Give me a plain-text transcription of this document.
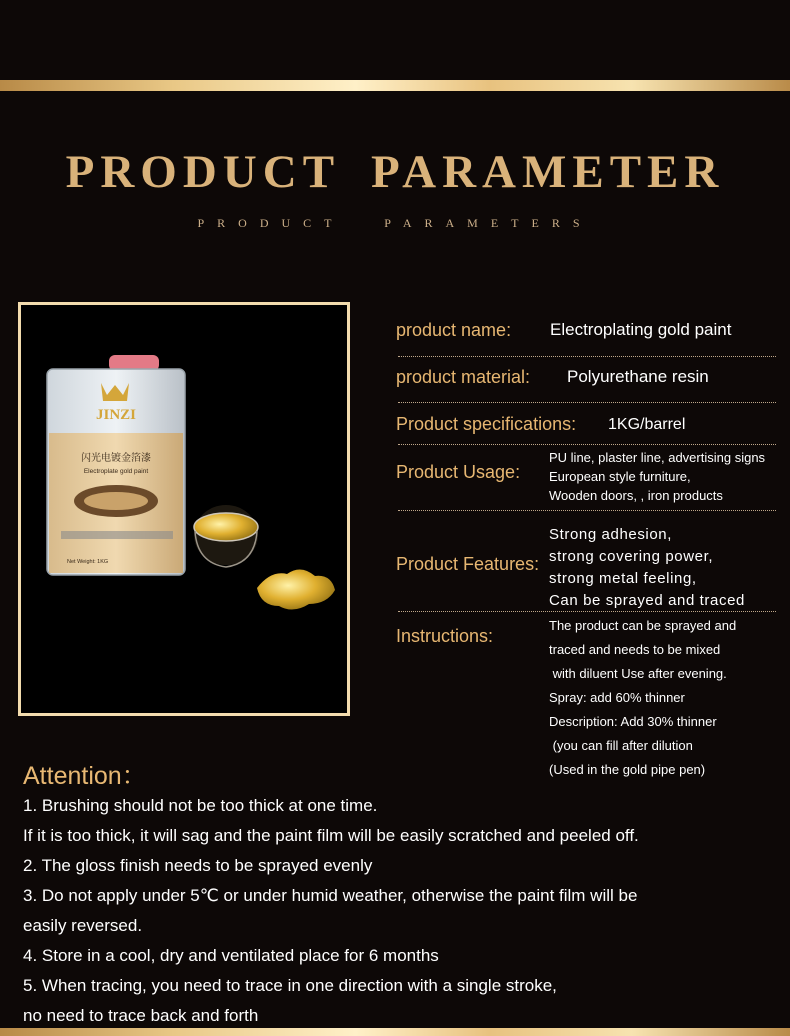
PRODUCT PARAMETER
PRODUCT PARAMETERS
JINZI
闪光电镀金箔漆
Electroplate gold paint
Net Weight: 1KG
product name: Electroplating gold paint
product material: Polyurethane resin
Product specifications: 1KG/barrel
Product Usage:
PU line, plaster line, advertising signs
European style furniture,
Wooden doors, , iron products
Product Features:
Strong adhesion,
strong covering power,
strong metal feeling,
Can be sprayed and traced
Instructions:
The product can be sprayed and
traced and needs to be mixed
with diluent Use after evening.
Spray: add 60% thinner
Description: Add 30% thinner
(you can fill after dilution
(Used in the gold pipe pen)
Attention：
1. Brushing should not be too thick at one time.
If it is too thick, it will sag and the paint film will be easily scratched and peeled off.
2. The gloss finish needs to be sprayed evenly
3. Do not apply under 5℃ or under humid weather, otherwise the paint film will be
easily reversed.
4. Store in a cool, dry and ventilated place for 6 months
5. When tracing, you need to trace in one direction with a single stroke,
no need to trace back and forth
